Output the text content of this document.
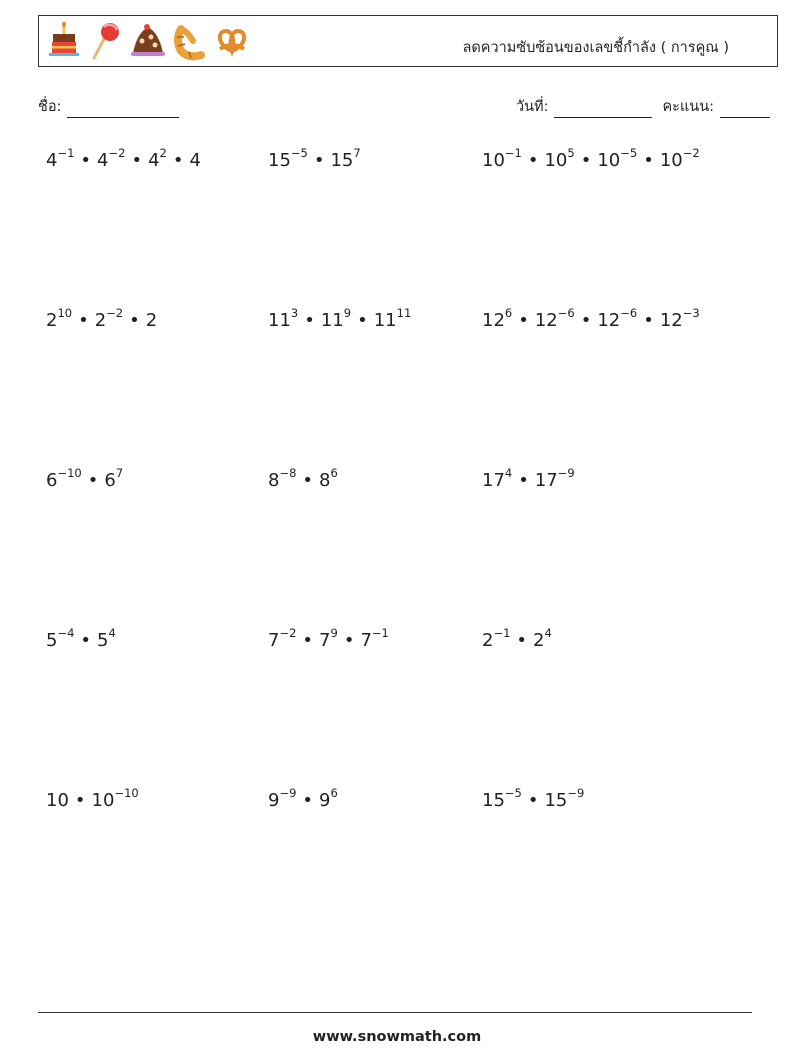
ลดความซับซ้อนของเลขชี้กำลัง ( การคูณ )
ชื่อ:	วันที่:	คะแนน:
$4^{-1}$ • $4^{-2}$ • $4^2$ • 4	$15^{-5}$ • $15^7$	$10^{-1}$ • $10^5$ • $10^{-5}$ • $10^{-2}$
$2^{10}$ • $2^{-2}$ • 2	$11^3$ • $11^9$ • $11^{11}$	$12^6$ • $12^{-6}$ • $12^{-6}$ • $12^{-3}$
$6^{-10}$ • $6^7$	$8^{-8}$ • $8^6$	$17^4$ • $17^{-9}$
$5^{-4}$ • $5^4$	$7^{-2}$ • $7^9$ • $7^{-1}$	$2^{-1}$ • $2^4$
10 • $10^{-10}$	$9^{-9}$ • $9^6$	$15^{-5}$ • $15^{-9}$
www.snowmath.com
